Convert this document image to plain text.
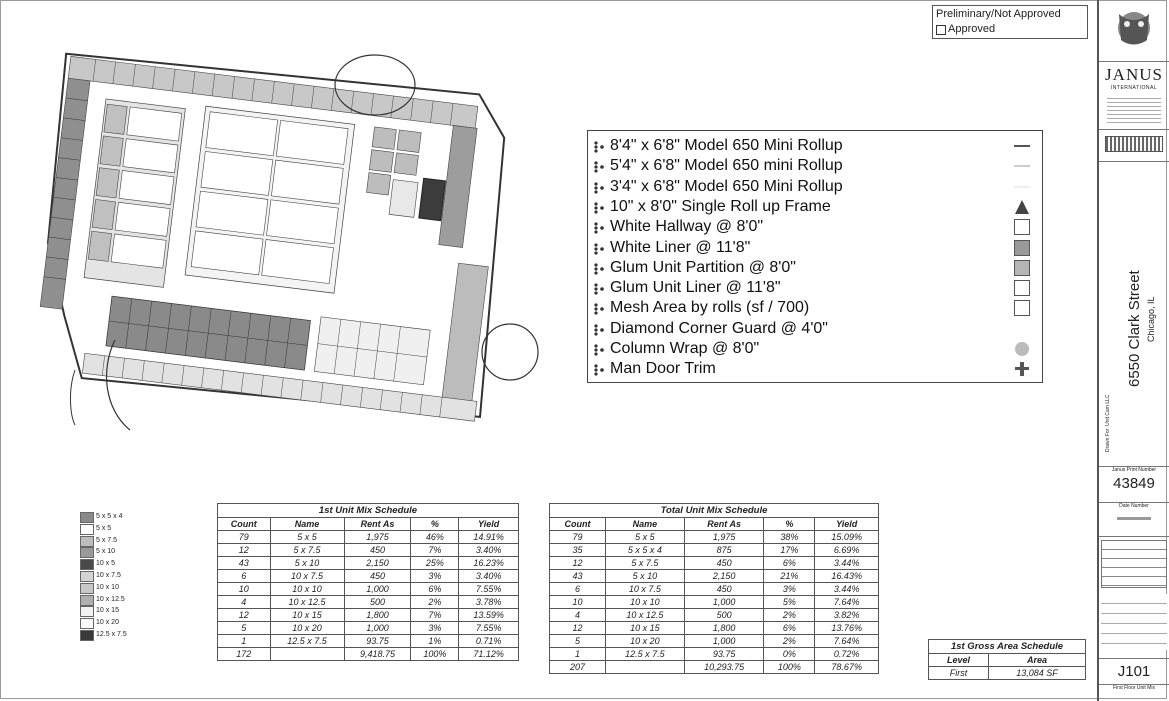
Preliminary/Not Approved
Approved
8'4" x 6'8" Model 650 Mini Rollup
5'4" x 6'8" Model 650 mini Rollup
3'4" x 6'8" Model 650 Mini Rollup
10" x 8'0" Single Roll up Frame
White Hallway @ 8'0"
White Liner @ 11'8"
Glum Unit Partition @ 8'0"
Glum Unit Liner @ 11'8"
Mesh Area by rolls (sf / 700)
Diamond Corner Guard @ 4'0"
Column Wrap @ 8'0"
Man Door Trim
5 x 5 x 4
5 x 5
5 x 7.5
5 x 10
10 x 5
10 x 7.5
10 x 10
10 x 12.5
10 x 15
10 x 20
12.5 x 7.5
1st Unit Mix Schedule
Count	Name	Rent As	%	Yield
79	5 x 5	1,975	46%	14.91%
12	5 x 7.5	450	7%	3.40%
43	5 x 10	2,150	25%	16.23%
6	10 x 7.5	450	3%	3.40%
10	10 x 10	1,000	6%	7.55%
4	10 x 12.5	500	2%	3.78%
12	10 x 15	1,800	7%	13.59%
5	10 x 20	1,000	3%	7.55%
1	12.5 x 7.5	93.75	1%	0.71%
172		9,418.75	100%	71.12%
Total Unit Mix Schedule
Count	Name	Rent As	%	Yield
79	5 x 5	1,975	38%	15.09%
35	5 x 5 x 4	875	17%	6.69%
12	5 x 7.5	450	6%	3.44%
43	5 x 10	2,150	21%	16.43%
6	10 x 7.5	450	3%	3.44%
10	10 x 10	1,000	5%	7.64%
4	10 x 12.5	500	2%	3.82%
12	10 x 15	1,800	6%	13.76%
5	10 x 20	1,000	2%	7.64%
1	12.5 x 7.5	93.75	0%	0.72%
207		10,293.75	100%	78.67%
1st Gross Area Schedule
Level	Area
First	13,084 SF
JANUS
INTERNATIONAL
6550 Clark Street Chicago, IL
Drawn For: Unit Cam LLC
Janus Print Number
43849
Date Number
J101
First Floor Unit Mix
